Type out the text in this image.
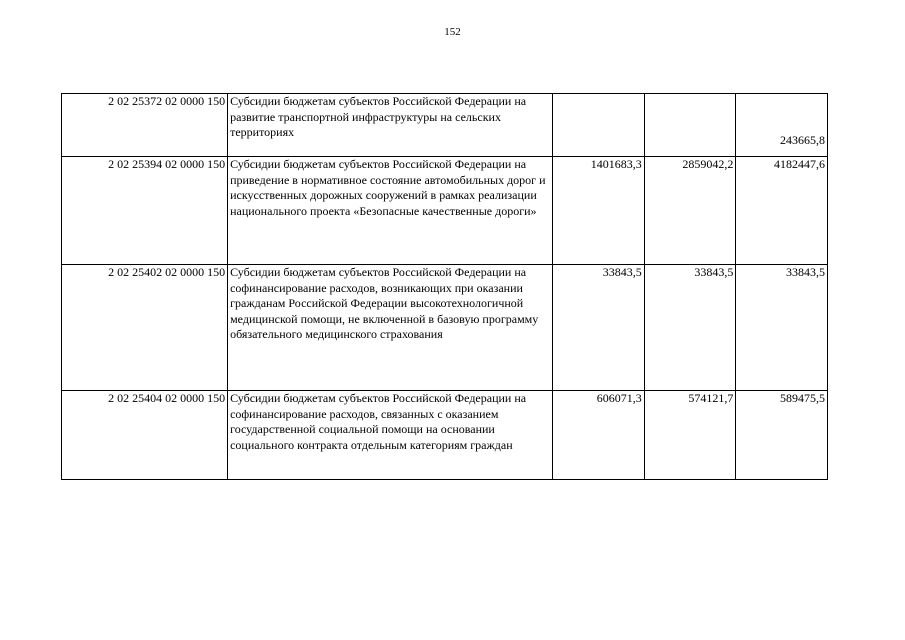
152
2 02 25372 02 0000 150	Субсидии бюджетам субъектов Российской Федерации на развитие транспортной инфраструктуры на сельских территориях			243665,8
2 02 25394 02 0000 150	Субсидии бюджетам субъектов Российской Федерации на приведение в нормативное состояние автомобильных дорог и искусственных дорожных сооружений в рамках реализации национального проекта «Безопасные качественные дороги»	1401683,3	2859042,2	4182447,6
2 02 25402 02 0000 150	Субсидии бюджетам субъектов Российской Федерации на софинансирование расходов, возникающих при оказании гражданам Российской Федерации высокотехнологичной медицинской помощи, не включенной в базовую программу обязательного медицинского страхования	33843,5	33843,5	33843,5
2 02 25404 02 0000 150	Субсидии бюджетам субъектов Российской Федерации на софинансирование расходов, связанных с оказанием государственной социальной помощи на основании социального контракта отдельным категориям граждан	606071,3	574121,7	589475,5
